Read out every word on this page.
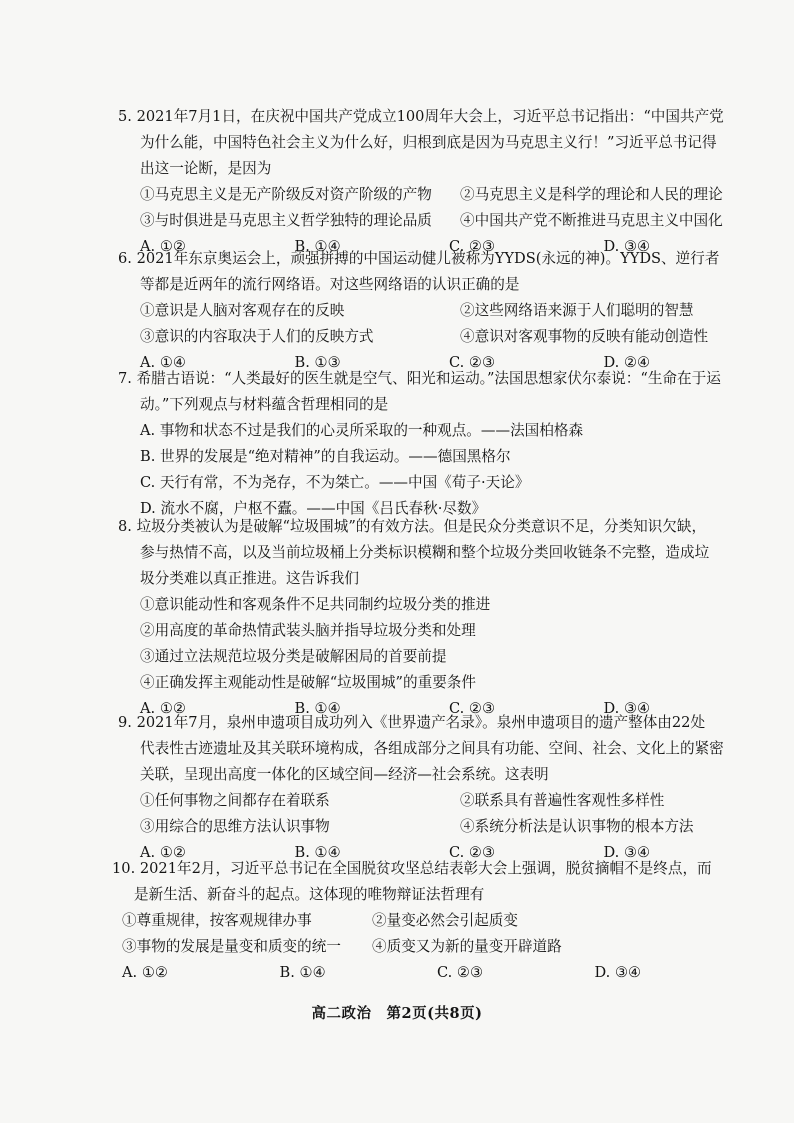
5. 2021年7月1日，在庆祝中国共产党成立100周年大会上，习近平总书记指出：“中国共产党
为什么能，中国特色社会主义为什么好，归根到底是因为马克思主义行！”习近平总书记得
出这一论断，是因为
①马克思主义是无产阶级反对资产阶级的产物	②马克思主义是科学的理论和人民的理论
③与时俱进是马克思主义哲学独特的理论品质	④中国共产党不断推进马克思主义中国化
A. ①②	B. ①④	C. ②③	D. ③④
6. 2021年东京奥运会上，顽强拼搏的中国运动健儿被称为YYDS(永远的神)。YYDS、逆行者
等都是近两年的流行网络语。对这些网络语的认识正确的是
①意识是人脑对客观存在的反映	②这些网络语来源于人们聪明的智慧
③意识的内容取决于人们的反映方式	④意识对客观事物的反映有能动创造性
A. ①④	B. ①③	C. ②③	D. ②④
7. 希腊古语说：“人类最好的医生就是空气、阳光和运动。”法国思想家伏尔泰说：“生命在于运
动。”下列观点与材料蕴含哲理相同的是
A. 事物和状态不过是我们的心灵所采取的一种观点。——法国柏格森
B. 世界的发展是“绝对精神”的自我运动。——德国黑格尔
C. 天行有常，不为尧存，不为桀亡。——中国《荀子·天论》
D. 流水不腐，户枢不蠹。——中国《吕氏春秋·尽数》
8. 垃圾分类被认为是破解“垃圾围城”的有效方法。但是民众分类意识不足，分类知识欠缺，
参与热情不高，以及当前垃圾桶上分类标识模糊和整个垃圾分类回收链条不完整，造成垃
圾分类难以真正推进。这告诉我们
①意识能动性和客观条件不足共同制约垃圾分类的推进
②用高度的革命热情武装头脑并指导垃圾分类和处理
③通过立法规范垃圾分类是破解困局的首要前提
④正确发挥主观能动性是破解“垃圾围城”的重要条件
A. ①②	B. ①④	C. ②③	D. ③④
9. 2021年7月，泉州申遗项目成功列入《世界遗产名录》。泉州申遗项目的遗产整体由22处
代表性古迹遗址及其关联环境构成，各组成部分之间具有功能、空间、社会、文化上的紧密
关联，呈现出高度一体化的区域空间—经济—社会系统。这表明
①任何事物之间都存在着联系	②联系具有普遍性客观性多样性
③用综合的思维方法认识事物	④系统分析法是认识事物的根本方法
A. ①②	B. ①④	C. ②③	D. ③④
10. 2021年2月，习近平总书记在全国脱贫攻坚总结表彰大会上强调，脱贫摘帽不是终点，而
是新生活、新奋斗的起点。这体现的唯物辩证法哲理有
①尊重规律，按客观规律办事	②量变必然会引起质变
③事物的发展是量变和质变的统一	④质变又为新的量变开辟道路
A. ①②	B. ①④	C. ②③	D. ③④
高二政治　第2页(共8页)
